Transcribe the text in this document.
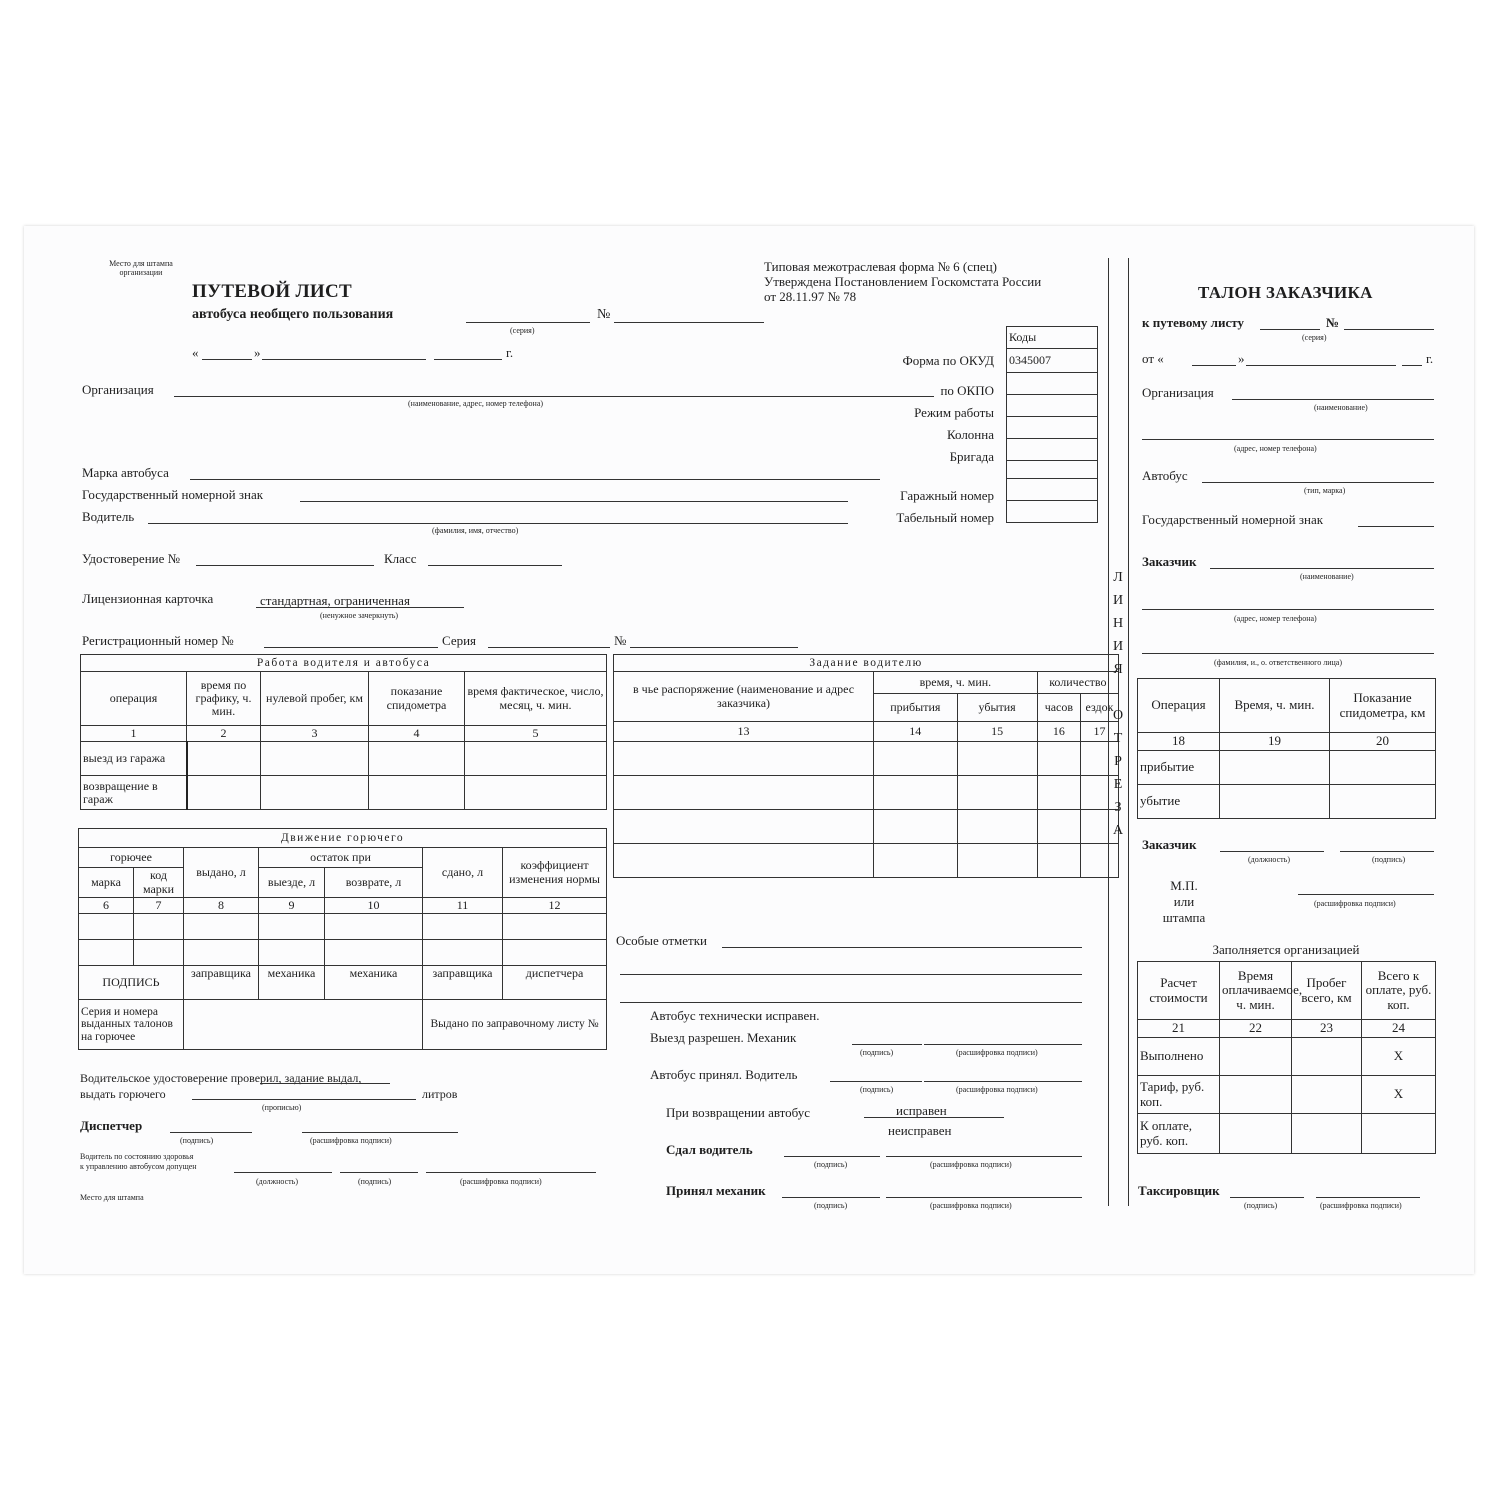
Место для штампа организации
ПУТЕВОЙ ЛИСТ
автобуса необщего пользования
(серия)
№
«	»	г.
Типовая межотраслевая форма № 6 (спец)
Утверждена Постановлением Госкомстата России
от 28.11.97 № 78
Организация
(наименование, адрес, номер телефона)
Форма по ОКУД
по ОКПО
Режим работы
Колонна
Бригада
Гаражный номер
Табельный номер
Коды
0345007

Марка автобуса
Государственный номерной знак
Водитель
(фамилия, имя, отчество)
Удостоверение №	Класс
Лицензионная карточка	стандартная, ограниченная
(ненужное зачеркнуть)
Регистрационный номер №	Серия	№
Работа водителя и автобуса				
операция	время по графику, ч. мин.	нулевой пробег, км	показание спидометра	время фактическое, число, месяц, ч. мин.
1	2	3	4	5
выезд из гаража				
возвращение в гараж				
Движение горючего						
горючее		выдано, л	остаток при		сдано, л	коэффициент изменения нормы
марка	код марки		выезде, л	возврате, л		
6	7	8	9	10	11	12

ПОДПИСЬ		заправщика	механика	механика	заправщика	диспетчера
Серия и номера выданных талонов на горючее					Выдано по заправочному листу №	
Водительское удостоверение проверил, задание выдал,
выдать горючего	литров
(прописью)
Диспетчер
(подпись)	(расшифровка подписи)
Водитель по состоянию здоровья
к управлению автобусом допущен
(должность)	(подпись)	(расшифровка подписи)
Место для штампа
Задание водителю				
в чье распоряжение (наименование и адрес заказчика)	время, ч. мин.		количество	
	прибытия	убытия	часов	ездок
13	14	15	16	17

Особые отметки
Автобус технически исправен.
Выезд разрешен. Механик
(подпись)	(расшифровка подписи)
Автобус принял. Водитель
(подпись)	(расшифровка подписи)
При возвращении автобус	исправен
неисправен
Сдал водитель
(подпись)	(расшифровка подписи)
Принял механик
(подпись)	(расшифровка подписи)
Л
И
Н
И
Я

О
Т
Р
Е
З
А
ТАЛОН ЗАКАЗЧИКА
к путевому листу	№
(серия)
от «	»	г.
Организация
(наименование)
(адрес, номер телефона)
Автобус
(тип, марка)
Государственный номерной знак
Заказчик
(наименование)
(адрес, номер телефона)
(фамилия, и., о. ответственного лица)
Операция	Время, ч. мин.	Показание спидометра, км
18	19	20
прибытие		
убытие		
Заказчик
(должность)	(подпись)
М.П.
или
штампа
(расшифровка подписи)
Заполняется организацией
Расчет стоимости	Время оплачиваемое, ч. мин.	Пробег всего, км	Всего к оплате, руб. коп.
21	22	23	24
Выполнено			X
Тариф, руб. коп.			X
К оплате, руб. коп.			
Таксировщик
(подпись)	(расшифровка подписи)
